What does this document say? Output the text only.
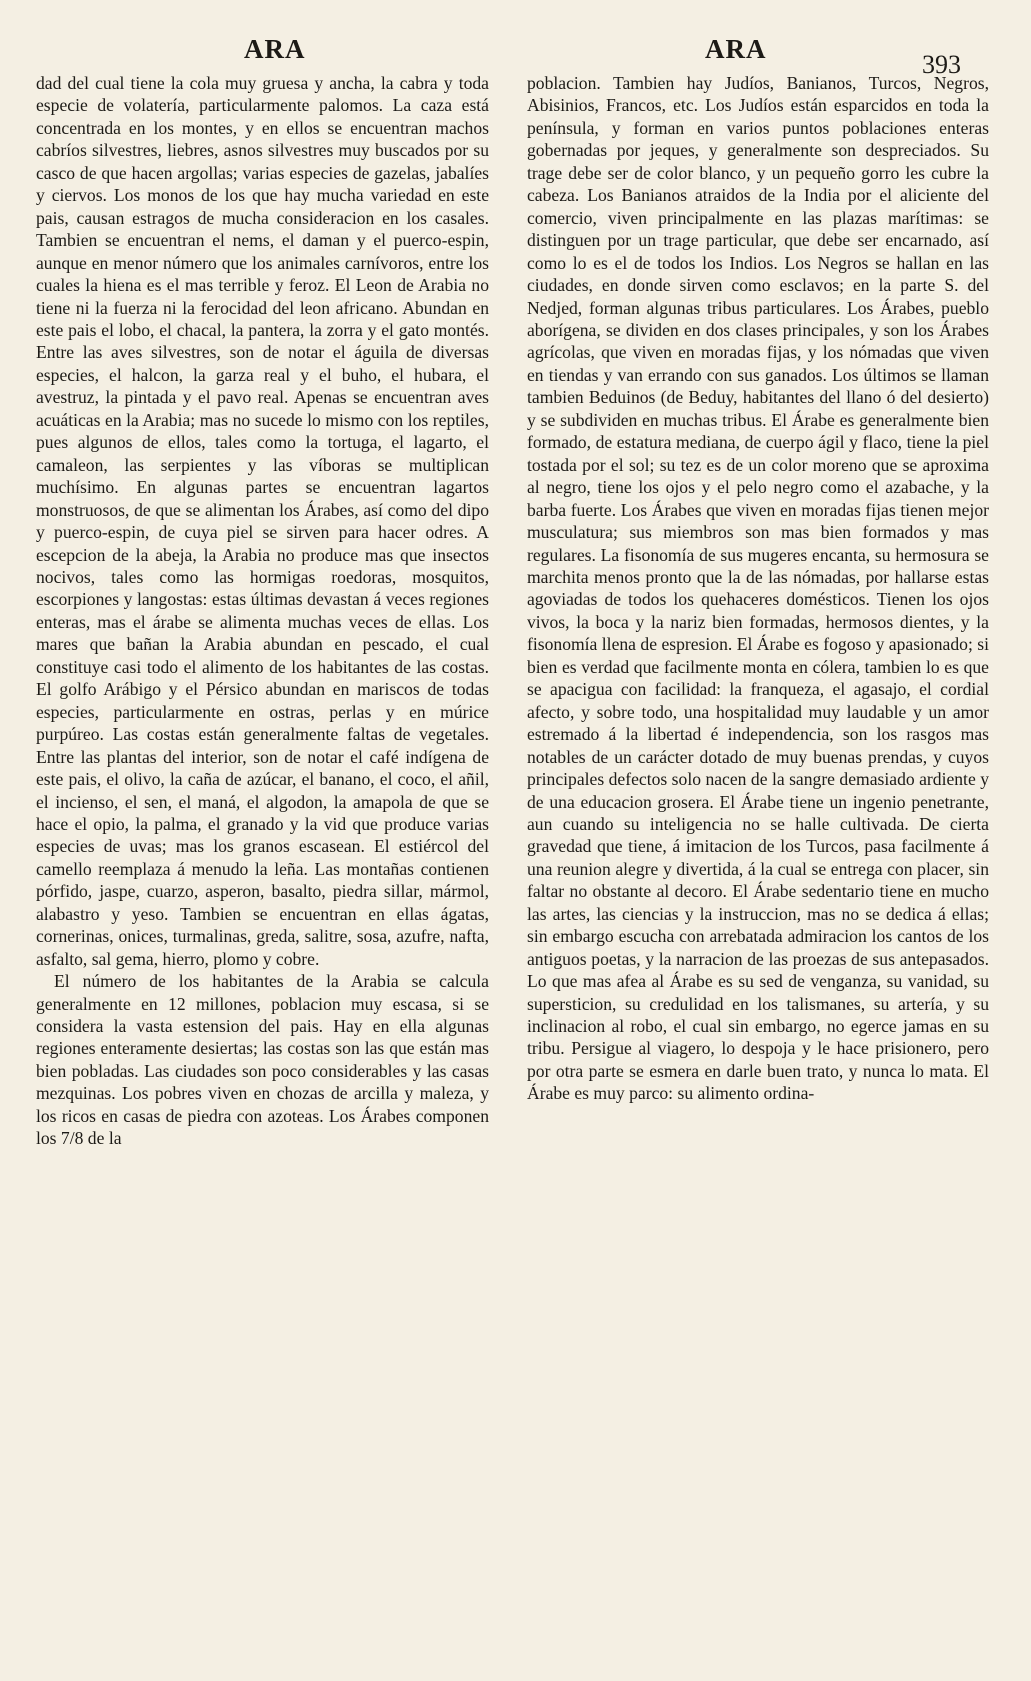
ARA	ARA
393

dad del cual tiene la cola muy gruesa y ancha, la cabra y toda especie de volatería, particularmente palomos. La caza está concentrada en los montes, y en ellos se encuentran machos cabríos silvestres, liebres, asnos silvestres muy buscados por su casco de que hacen argollas; varias especies de gazelas, jabalíes y ciervos. Los monos de los que hay mucha variedad en este pais, causan estragos de mucha consideracion en los casales. Tambien se encuentran el nems, el daman y el puerco-espin, aunque en menor número que los animales carnívoros, entre los cuales la hiena es el mas terrible y feroz. El Leon de Arabia no tiene ni la fuerza ni la ferocidad del leon africano. Abundan en este pais el lobo, el chacal, la pantera, la zorra y el gato montés. Entre las aves silvestres, son de notar el águila de diversas especies, el halcon, la garza real y el buho, el hubara, el avestruz, la pintada y el pavo real. Apenas se encuentran aves acuáticas en la Arabia; mas no sucede lo mismo con los reptiles, pues algunos de ellos, tales como la tortuga, el lagarto, el camaleon, las serpientes y las víboras se multiplican muchísimo. En algunas partes se encuentran lagartos monstruosos, de que se alimentan los Árabes, así como del dipo y puerco-espin, de cuya piel se sirven para hacer odres. A escepcion de la abeja, la Arabia no produce mas que insectos nocivos, tales como las hormigas roedoras, mosquitos, escorpiones y langostas: estas últimas devastan á veces regiones enteras, mas el árabe se alimenta muchas veces de ellas. Los mares que bañan la Arabia abundan en pescado, el cual constituye casi todo el alimento de los habitantes de las costas. El golfo Arábigo y el Pérsico abundan en mariscos de todas especies, particularmente en ostras, perlas y en múrice purpúreo. Las costas están generalmente faltas de vegetales. Entre las plantas del interior, son de notar el café indígena de este pais, el olivo, la caña de azúcar, el banano, el coco, el añil, el incienso, el sen, el maná, el algodon, la amapola de que se hace el opio, la palma, el granado y la vid que produce varias especies de uvas; mas los granos escasean. El estiércol del camello reemplaza á menudo la leña. Las montañas contienen pórfido, jaspe, cuarzo, asperon, basalto, piedra sillar, mármol, alabastro y yeso. Tambien se encuentran en ellas ágatas, cornerinas, onices, turmalinas, greda, salitre, sosa, azufre, nafta, asfalto, sal gema, hierro, plomo y cobre.

El número de los habitantes de la Arabia se calcula generalmente en 12 millones, poblacion muy escasa, si se considera la vasta estension del pais. Hay en ella algunas regiones enteramente desiertas; las costas son las que están mas bien pobladas. Las ciudades son poco considerables y las casas mezquinas. Los pobres viven en chozas de arcilla y maleza, y los ricos en casas de piedra con azoteas. Los Árabes componen los 7/8 de la

poblacion. Tambien hay Judíos, Banianos, Turcos, Negros, Abisinios, Francos, etc. Los Judíos están esparcidos en toda la península, y forman en varios puntos poblaciones enteras gobernadas por jeques, y generalmente son despreciados. Su trage debe ser de color blanco, y un pequeño gorro les cubre la cabeza. Los Banianos atraidos de la India por el aliciente del comercio, viven principalmente en las plazas marítimas: se distinguen por un trage particular, que debe ser encarnado, así como lo es el de todos los Indios. Los Negros se hallan en las ciudades, en donde sirven como esclavos; en la parte S. del Nedjed, forman algunas tribus particulares. Los Árabes, pueblo aborígena, se dividen en dos clases principales, y son los Árabes agrícolas, que viven en moradas fijas, y los nómadas que viven en tiendas y van errando con sus ganados. Los últimos se llaman tambien Beduinos (de Beduy, habitantes del llano ó del desierto) y se subdividen en muchas tribus. El Árabe es generalmente bien formado, de estatura mediana, de cuerpo ágil y flaco, tiene la piel tostada por el sol; su tez es de un color moreno que se aproxima al negro, tiene los ojos y el pelo negro como el azabache, y la barba fuerte. Los Árabes que viven en moradas fijas tienen mejor musculatura; sus miembros son mas bien formados y mas regulares. La fisonomía de sus mugeres encanta, su hermosura se marchita menos pronto que la de las nómadas, por hallarse estas agoviadas de todos los quehaceres domésticos. Tienen los ojos vivos, la boca y la nariz bien formadas, hermosos dientes, y la fisonomía llena de espresion. El Árabe es fogoso y apasionado; si bien es verdad que facilmente monta en cólera, tambien lo es que se apacigua con facilidad: la franqueza, el agasajo, el cordial afecto, y sobre todo, una hospitalidad muy laudable y un amor estremado á la libertad é independencia, son los rasgos mas notables de un carácter dotado de muy buenas prendas, y cuyos principales defectos solo nacen de la sangre demasiado ardiente y de una educacion grosera. El Árabe tiene un ingenio penetrante, aun cuando su inteligencia no se halle cultivada. De cierta gravedad que tiene, á imitacion de los Turcos, pasa facilmente á una reunion alegre y divertida, á la cual se entrega con placer, sin faltar no obstante al decoro. El Árabe sedentario tiene en mucho las artes, las ciencias y la instruccion, mas no se dedica á ellas; sin embargo escucha con arrebatada admiracion los cantos de los antiguos poetas, y la narracion de las proezas de sus antepasados. Lo que mas afea al Árabe es su sed de venganza, su vanidad, su supersticion, su credulidad en los talismanes, su artería, y su inclinacion al robo, el cual sin embargo, no egerce jamas en su tribu. Persigue al viagero, lo despoja y le hace prisionero, pero por otra parte se esmera en darle buen trato, y nunca lo mata. El Árabe es muy parco: su alimento ordina-
